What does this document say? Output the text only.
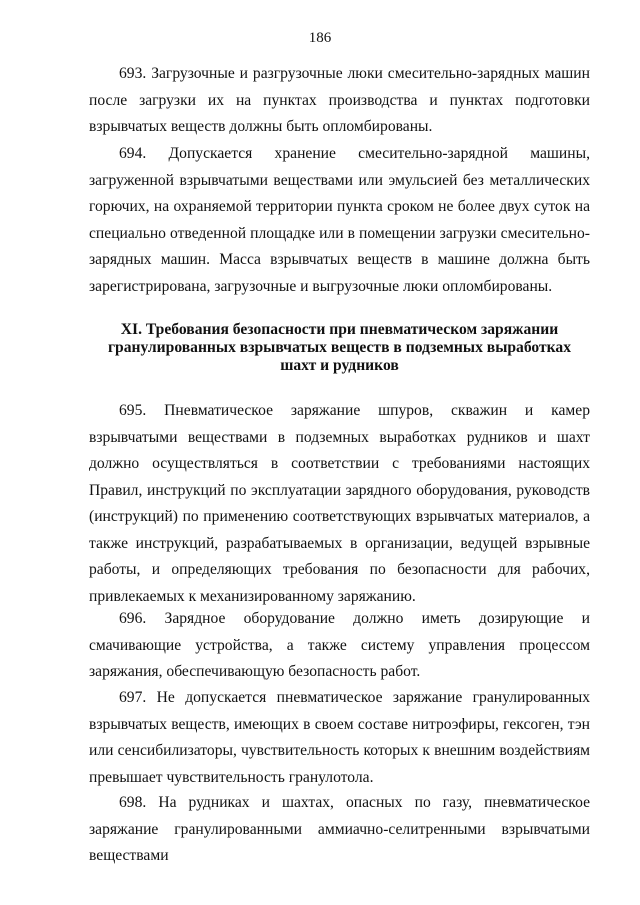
186

693. Загрузочные и разгрузочные люки смесительно-зарядных машин после загрузки их на пунктах производства и пунктах подготовки взрывчатых веществ должны быть опломбированы.

694. Допускается хранение смесительно-зарядной машины, загруженной взрывчатыми веществами или эмульсией без металлических горючих, на охраняемой территории пункта сроком не более двух суток на специально отведенной площадке или в помещении загрузки смесительно-зарядных машин. Масса взрывчатых веществ в машине должна быть зарегистрирована, загрузочные и выгрузочные люки опломбированы.

XI. Требования безопасности при пневматическом заряжании
гранулированных взрывчатых веществ в подземных выработках
шахт и рудников

695. Пневматическое заряжание шпуров, скважин и камер взрывчатыми веществами в подземных выработках рудников и шахт должно осуществляться в соответствии с требованиями настоящих Правил, инструкций по эксплуатации зарядного оборудования, руководств (инструкций) по применению соответствующих взрывчатых материалов, а также инструкций, разрабатываемых в организации, ведущей взрывные работы, и определяющих требования по безопасности для рабочих, привлекаемых к механизированному заряжанию.

696. Зарядное оборудование должно иметь дозирующие и смачивающие устройства, а также систему управления процессом заряжания, обеспечивающую безопасность работ.

697. Не допускается пневматическое заряжание гранулированных взрывчатых веществ, имеющих в своем составе нитроэфиры, гексоген, тэн или сенсибилизаторы, чувствительность которых к внешним воздействиям превышает чувствительность гранулотола.

698. На рудниках и шахтах, опасных по газу, пневматическое заряжание гранулированными аммиачно-селитренными взрывчатыми веществами
